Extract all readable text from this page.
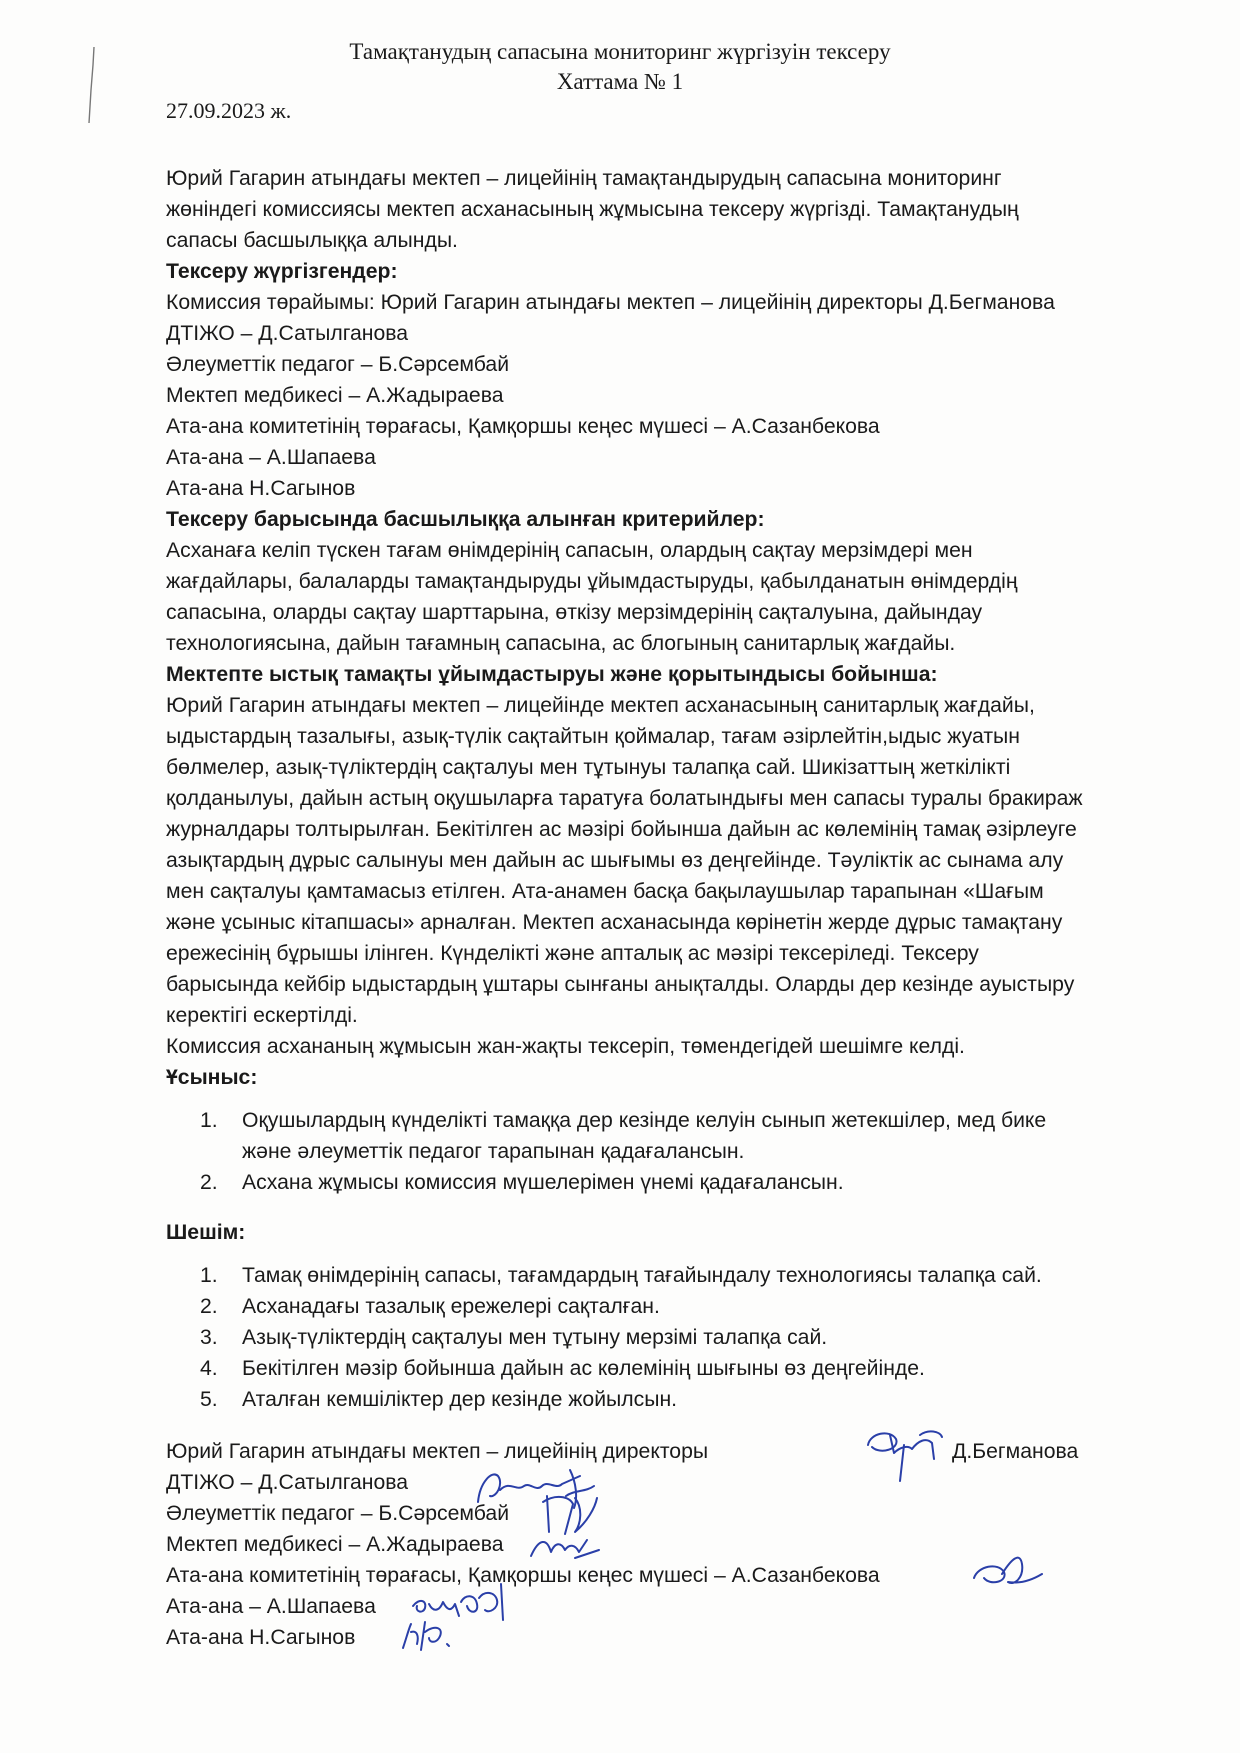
Тамақтанудың сапасына мониторинг жүргізуін тексеру
Хаттама № 1
27.09.2023 ж.
Юрий Гагарин атындағы мектеп – лицейінің тамақтандырудың сапасына мониторинг
жөніндегі комиссиясы мектеп асханасының жұмысына тексеру жүргізді. Тамақтанудың
сапасы басшылыққа алынды.
Тексеру жүргізгендер:
Комиссия төрайымы: Юрий Гагарин атындағы мектеп – лицейінің директоры Д.Бегманова
ДТІЖО – Д.Сатылганова
Әлеуметтік педагог – Б.Сәрсембай
Мектеп медбикесі – А.Жадыраева
Ата-ана комитетінің төрағасы, Қамқоршы кеңес мүшесі – А.Сазанбекова
Ата-ана – А.Шапаева
Ата-ана Н.Сагынов
Тексеру барысында басшылыққа алынған критерийлер:
Асханаға келіп түскен тағам өнімдерінің сапасын, олардың сақтау мерзімдері мен
жағдайлары, балаларды тамақтандыруды ұйымдастыруды, қабылданатын өнімдердің
сапасына, оларды сақтау шарттарына, өткізу мерзімдерінің сақталуына, дайындау
технологиясына, дайын тағамның сапасына, ас блогының санитарлық жағдайы.
Мектепте ыстық тамақты ұйымдастыруы және қорытындысы бойынша:
Юрий Гагарин атындағы мектеп – лицейінде мектеп асханасының санитарлық жағдайы,
ыдыстардың тазалығы, азық-түлік сақтайтын қоймалар, тағам әзірлейтін,ыдыс жуатын
бөлмелер, азық-түліктердің сақталуы мен тұтынуы талапқа сай. Шикізаттың жеткілікті
қолданылуы, дайын астың оқушыларға таратуға болатындығы мен сапасы туралы бракираж
журналдары толтырылған. Бекітілген ас мәзірі бойынша дайын ас көлемінің тамақ әзірлеуге
азықтардың дұрыс салынуы мен дайын ас шығымы өз деңгейінде. Тәуліктік ас сынама алу
мен сақталуы қамтамасыз етілген. Ата-анамен басқа бақылаушылар тарапынан «Шағым
және ұсыныс кітапшасы» арналған. Мектеп асханасында көрінетін жерде дұрыс тамақтану
ережесінің бұрышы ілінген. Күнделікті және апталық ас мәзірі тексеріледі. Тексеру
барысында кейбір ыдыстардың ұштары сынғаны анықталды. Оларды дер кезінде ауыстыру
керектігі ескертілді.
Комиссия асхананың жұмысын жан-жақты тексеріп, төмендегідей шешімге келді.
Ұсыныс:
1. Оқушылардың күнделікті тамаққа дер кезінде келуін сынып жетекшілер, мед бике
және әлеуметтік педагог тарапынан қадағалансын.
2. Асхана жұмысы комиссия мүшелерімен үнемі қадағалансын.
Шешім:
1. Тамақ өнімдерінің сапасы, тағамдардың тағайындалу технологиясы талапқа сай.
2. Асханадағы тазалық ережелері сақталған.
3. Азық-түліктердің сақталуы мен тұтыну мерзімі талапқа сай.
4. Бекітілген мәзір бойынша дайын ас көлемінің шығыны өз деңгейінде.
5. Аталған кемшіліктер дер кезінде жойылсын.
Юрий Гагарин атындағы мектеп – лицейінің директоры	Д.Бегманова
ДТІЖО – Д.Сатылганова
Әлеуметтік педагог – Б.Сәрсембай
Мектеп медбикесі – А.Жадыраева
Ата-ана комитетінің төрағасы, Қамқоршы кеңес мүшесі – А.Сазанбекова
Ата-ана – А.Шапаева
Ата-ана Н.Сагынов
